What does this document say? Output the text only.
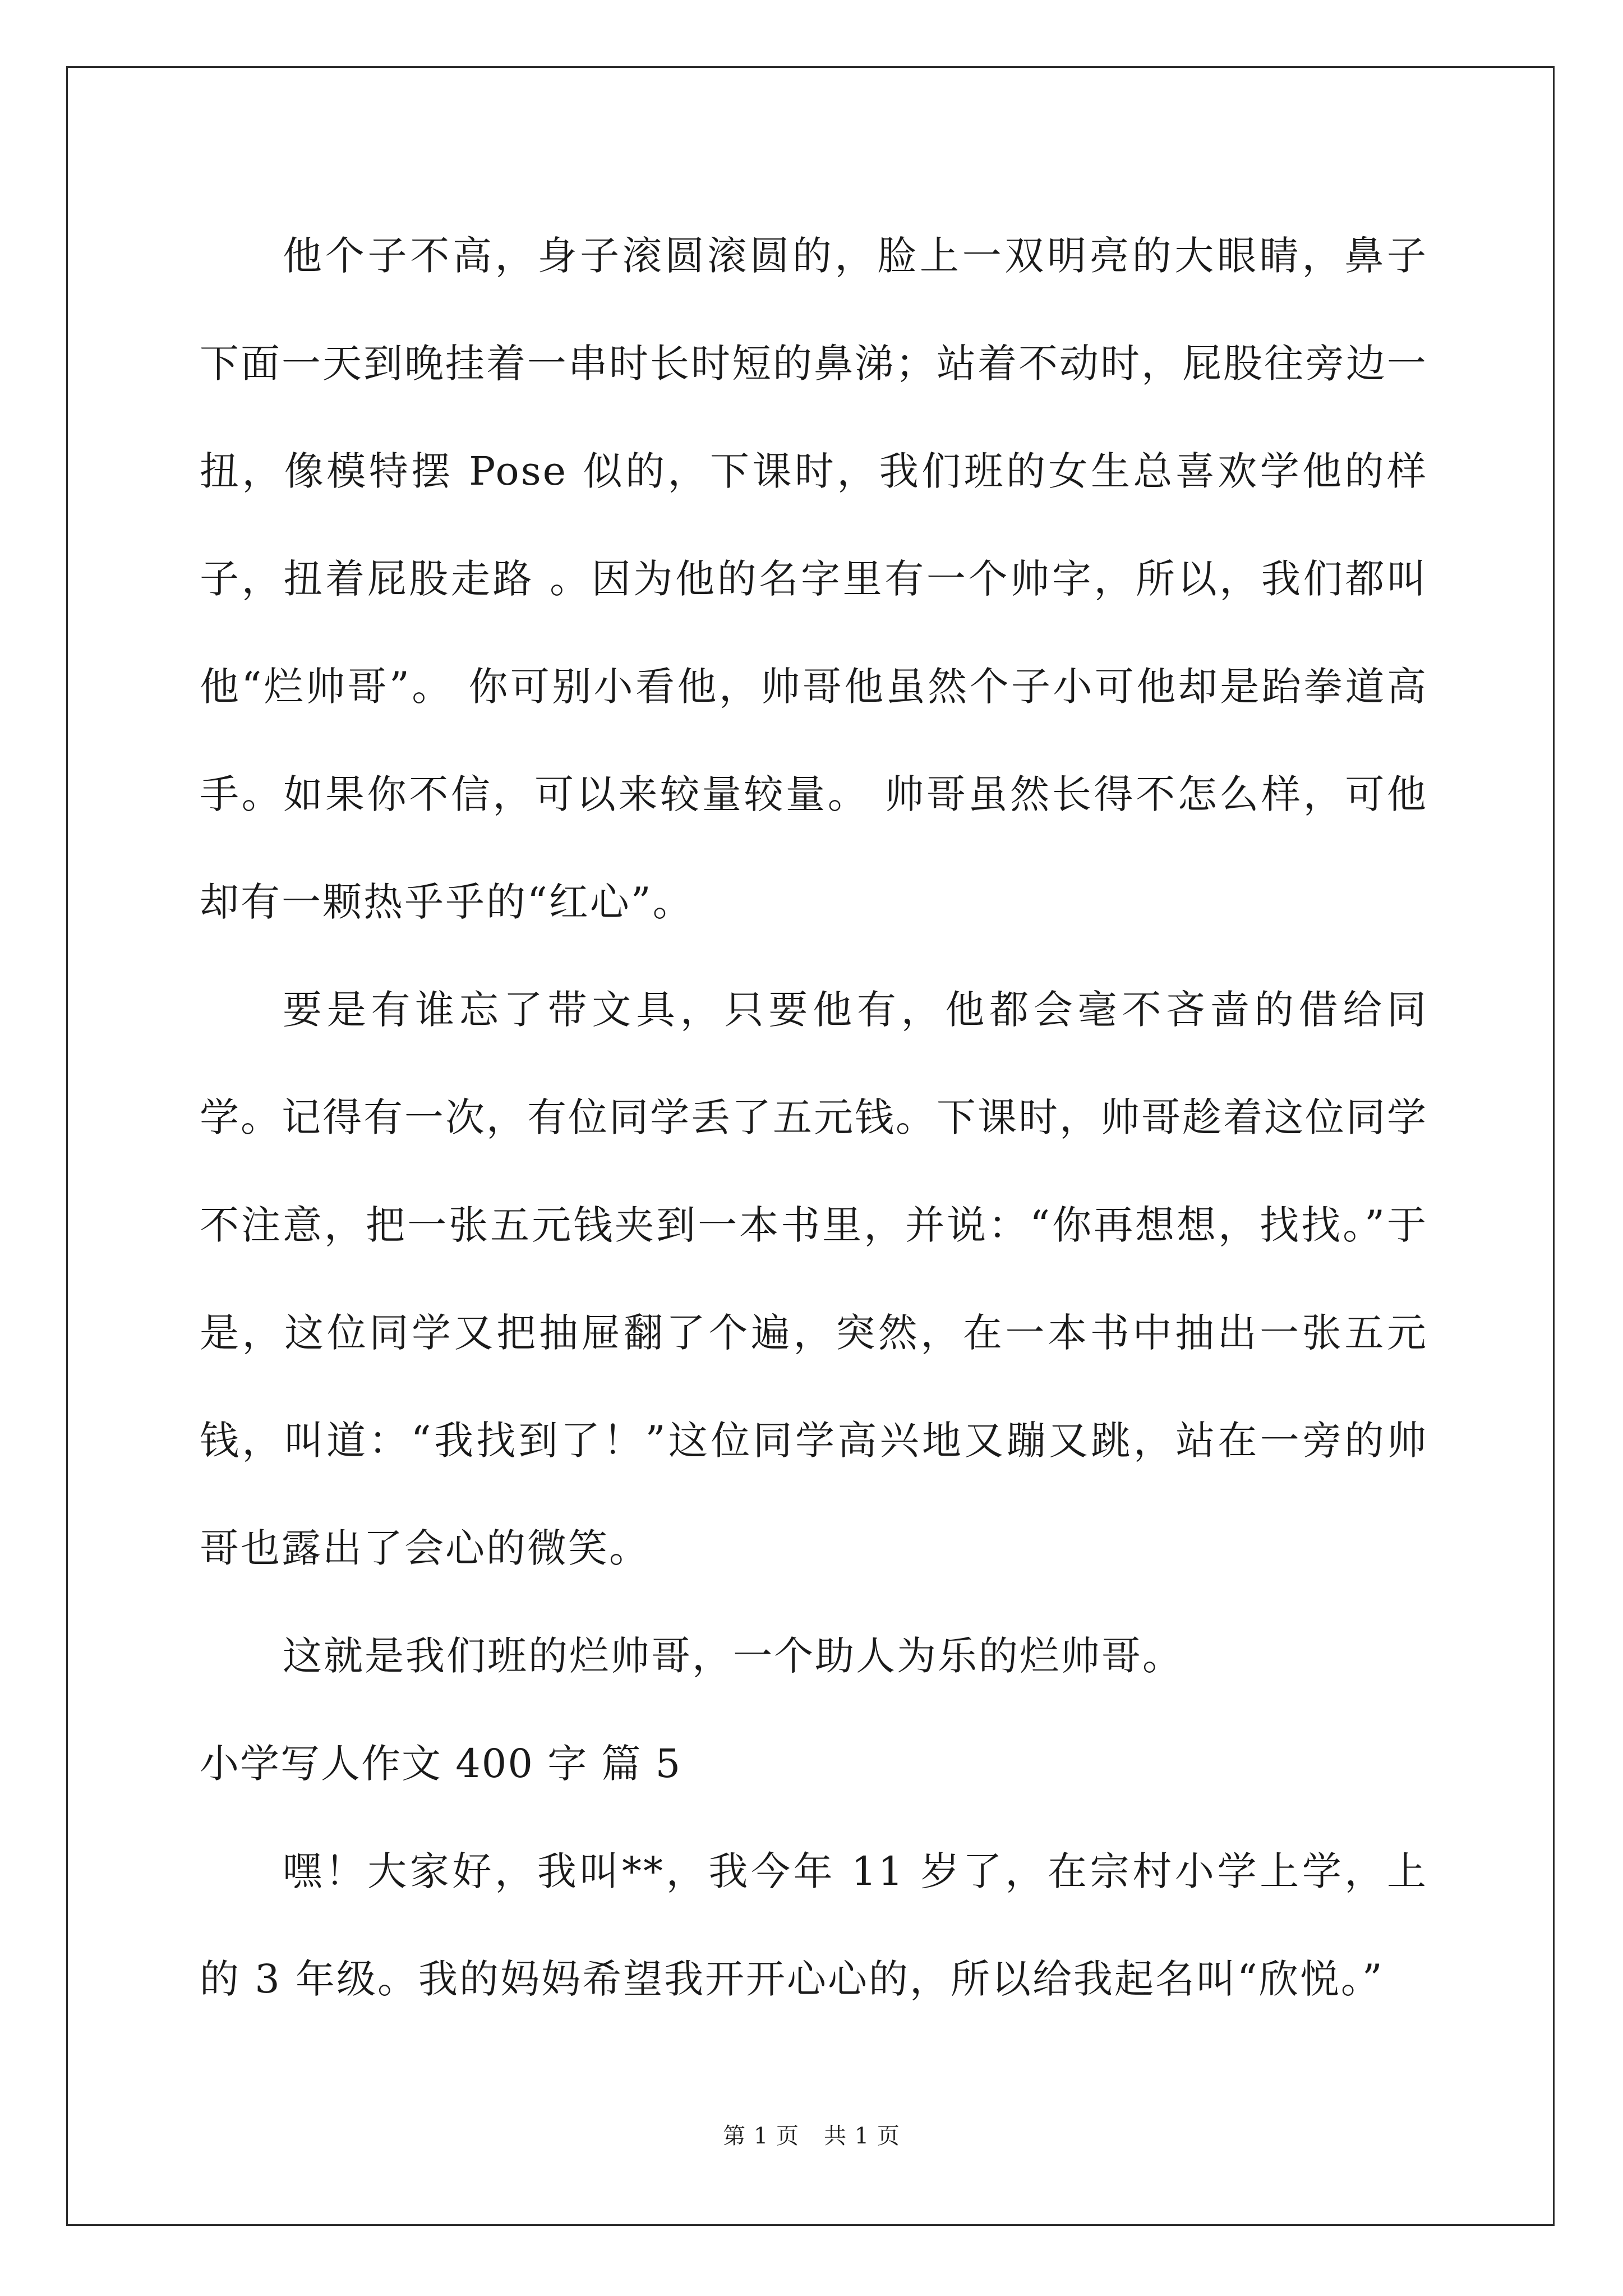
他个子不高，身子滚圆滚圆的，脸上一双明亮的大眼睛，鼻子下面一天到晚挂着一串时长时短的鼻涕；站着不动时，屁股往旁边一扭，像模特摆 Pose 似的，下课时，我们班的女生总喜欢学他的样子，扭着屁股走路 。因为他的名字里有一个帅字，所以，我们都叫他“烂帅哥”。 你可别小看他，帅哥他虽然个子小可他却是跆拳道高手。如果你不信，可以来较量较量。 帅哥虽然长得不怎么样，可他却有一颗热乎乎的“红心”。

要是有谁忘了带文具，只要他有，他都会毫不吝啬的借给同学。记得有一次，有位同学丢了五元钱。下课时，帅哥趁着这位同学不注意，把一张五元钱夹到一本书里，并说：“你再想想，找找。”于是，这位同学又把抽屉翻了个遍，突然，在一本书中抽出一张五元钱，叫道：“我找到了！”这位同学高兴地又蹦又跳，站在一旁的帅哥也露出了会心的微笑。

这就是我们班的烂帅哥，一个助人为乐的烂帅哥。

小学写人作文 400 字 篇 5

嘿！大家好，我叫**，我今年 11 岁了，在宗村小学上学，上的 3 年级。我的妈妈希望我开开心心的，所以给我起名叫“欣悦。”

第 1 页 共 1 页
